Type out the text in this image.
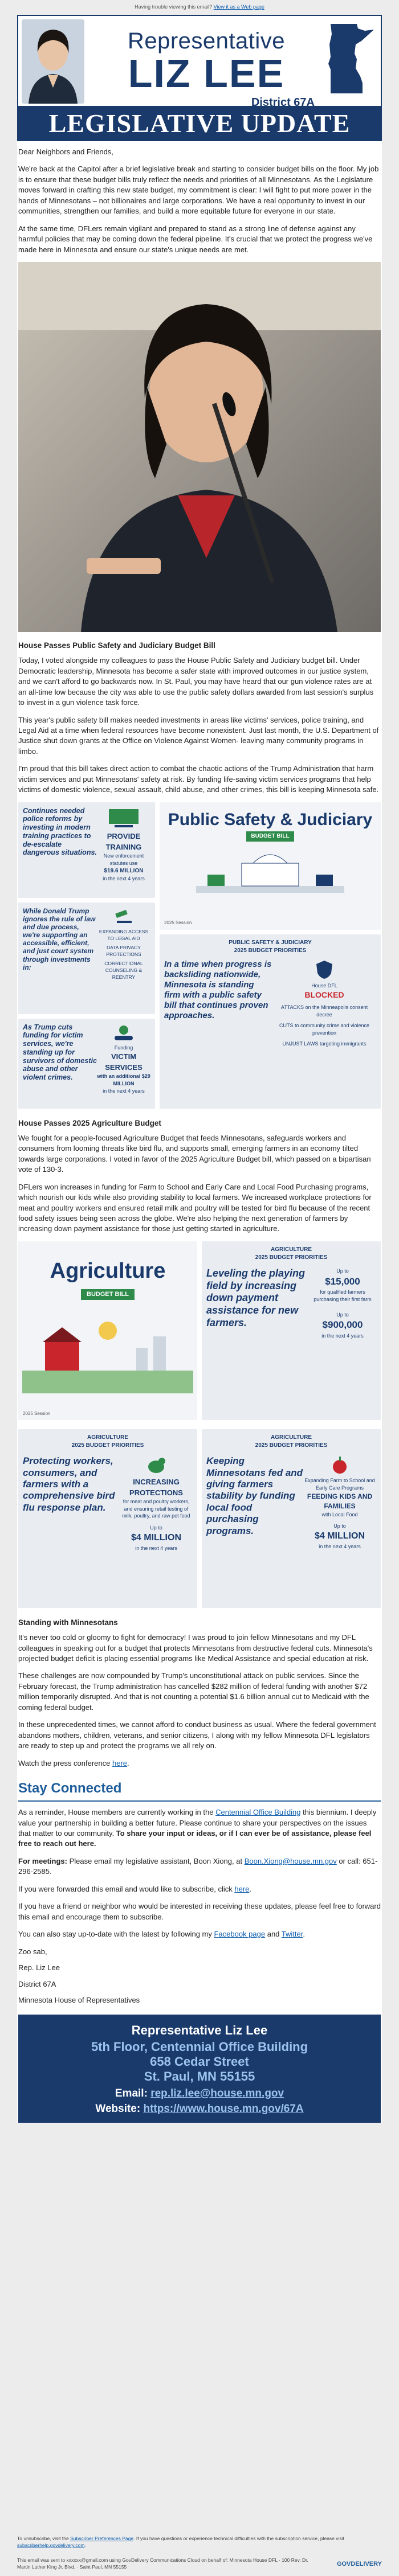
Having trouble viewing this email? View it as a Web page
Representative
LIZ LEE
District 67A
LEGISLATIVE UPDATE

Dear Neighbors and Friends,

We're back at the Capitol after a brief legislative break and starting to consider budget bills on the floor. My job is to ensure that these budget bills truly reflect the needs and priorities of all Minnesotans. As the Legislature moves forward in crafting this new state budget, my commitment is clear: I will fight to put more power in the hands of Minnesotans – not billionaires and large corporations. We have a real opportunity to invest in our communities, strengthen our families, and build a more equitable future for everyone in our state.

At the same time, DFLers remain vigilant and prepared to stand as a strong line of defense against any harmful policies that may be coming down the federal pipeline. It's crucial that we protect the progress we've made here in Minnesota and ensure our state's unique needs are met.

House Passes Public Safety and Judiciary Budget Bill

Today, I voted alongside my colleagues to pass the House Public Safety and Judiciary budget bill. Under Democratic leadership, Minnesota has become a safer state with improved outcomes in our justice system, and we can't afford to go backwards now. In St. Paul, you may have heard that our gun violence rates are at an all-time low because the city was able to use the public safety dollars awarded from last session's surplus to invest in a gun violence task force.

This year's public safety bill makes needed investments in areas like victims' services, police training, and Legal Aid at a time when federal resources have become nonexistent. Just last month, the U.S. Department of Justice shut down grants at the Office on Violence Against Women- leaving many community programs in limbo.

I'm proud that this bill takes direct action to combat the chaotic actions of the Trump Administration that harm victim services and put Minnesotans' safety at risk. By funding life-saving victim services programs that help victims of domestic violence, sexual assault, child abuse, and other crimes, this bill is keeping Minnesota safe.

Continues needed police reforms by investing in modern training practices to de-escalate dangerous situations.
PROVIDE TRAINING
New enforcement statutes use
$19.6 MILLION
in the next 4 years
While Donald Trump ignores the rule of law and due process, we're supporting an accessible, efficient, and just court system through investments in:
EXPANDING ACCESS TO LEGAL AID
DATA PRIVACY PROTECTIONS
CORRECTIONAL COUNSELING & REENTRY
As Trump cuts funding for victim services, we're standing up for survivors of domestic abuse and other violent crimes.
Funding
VICTIM SERVICES
with an additional $29 MILLION
in the next 4 years
Public Safety & Judiciary
BUDGET BILL
2025 Session
PUBLIC SAFETY & JUDICIARY
2025 BUDGET PRIORITIES
In a time when progress is backsliding nationwide, Minnesota is standing firm with a public safety bill that continues proven approaches.
House DFL
BLOCKED
ATTACKS on the Minneapolis consent decree
CUTS to community crime and violence prevention
UNJUST LAWS targeting immigrants
House Passes 2025 Agriculture Budget

We fought for a people-focused Agriculture Budget that feeds Minnesotans, safeguards workers and consumers from looming threats like bird flu, and supports small, emerging farmers in an economy tilted towards large corporations. I voted in favor of the 2025 Agriculture Budget bill, which passed on a bipartisan vote of 130-3.

DFLers won increases in funding for Farm to School and Early Care and Local Food Purchasing programs, which nourish our kids while also providing stability to local farmers. We increased workplace protections for meat and poultry workers and ensured retail milk and poultry will be tested for bird flu because of the recent food safety issues being seen across the globe. We're also helping the next generation of farmers by increasing down payment assistance for those just getting started in agriculture.

Agriculture
BUDGET BILL
2025 Session
AGRICULTURE
2025 BUDGET PRIORITIES
Leveling the playing field by increasing down payment assistance for new farmers.
Up to
$15,000
for qualified farmers purchasing their first farm
Up to
$900,000
in the next 4 years
AGRICULTURE
2025 BUDGET PRIORITIES
Protecting workers, consumers, and farmers with a comprehensive bird flu response plan.
INCREASING PROTECTIONS
for meat and poultry workers, and ensuring retail testing of milk, poultry, and raw pet food
Up to
$4 MILLION
in the next 4 years
AGRICULTURE
2025 BUDGET PRIORITIES
Keeping Minnesotans fed and giving farmers stability by funding local food purchasing programs.
Expanding Farm to School and Early Care Programs
FEEDING KIDS AND FAMILIES
with Local Food
Up to
$4 MILLION
in the next 4 years
Standing with Minnesotans

It's never too cold or gloomy to fight for democracy! I was proud to join fellow Minnesotans and my DFL colleagues in speaking out for a budget that protects Minnesotans from destructive federal cuts. Minnesota's projected budget deficit is placing essential programs like Medical Assistance and special education at risk.

These challenges are now compounded by Trump's unconstitutional attack on public services. Since the February forecast, the Trump administration has cancelled $282 million of federal funding with another $72 million temporarily disrupted. And that is not counting a potential $1.6 billion annual cut to Medicaid with the coming federal budget.

In these unprecedented times, we cannot afford to conduct business as usual. Where the federal government abandons mothers, children, veterans, and senior citizens, I along with my fellow Minnesota DFL legislators are ready to step up and protect the programs we all rely on.

Watch the press conference here.

Stay Connected

As a reminder, House members are currently working in the Centennial Office Building this biennium. I deeply value your partnership in building a better future. Please continue to share your perspectives on the issues that matter to our community. To share your input or ideas, or if I can ever be of assistance, please feel free to reach out here.

For meetings: Please email my legislative assistant, Boon Xiong, at Boon.Xiong@house.mn.gov or call: 651-296-2585.

If you were forwarded this email and would like to subscribe, click here.

If you have a friend or neighbor who would be interested in receiving these updates, please feel free to forward this email and encourage them to subscribe.

You can also stay up-to-date with the latest by following my Facebook page and Twitter.

Zoo sab,

Rep. Liz Lee

District 67A

Minnesota House of Representatives

Representative Liz Lee
5th Floor, Centennial Office Building
658 Cedar Street
St. Paul, MN 55155
Email: rep.liz.lee@house.mn.gov
Website: https://www.house.mn.gov/67A
To unsubscribe, visit the Subscriber Preferences Page. If you have questions or experience technical difficulties with the subscription service, please visit subscriberhelp.govdelivery.com.
This email was sent to xxxxxx@gmail.com using GovDelivery Communications Cloud on behalf of: Minnesota House DFL · 100 Rev. Dr. Martin Luther King Jr. Blvd. · Saint Paul, MN 55155	GOVDELIVERY
